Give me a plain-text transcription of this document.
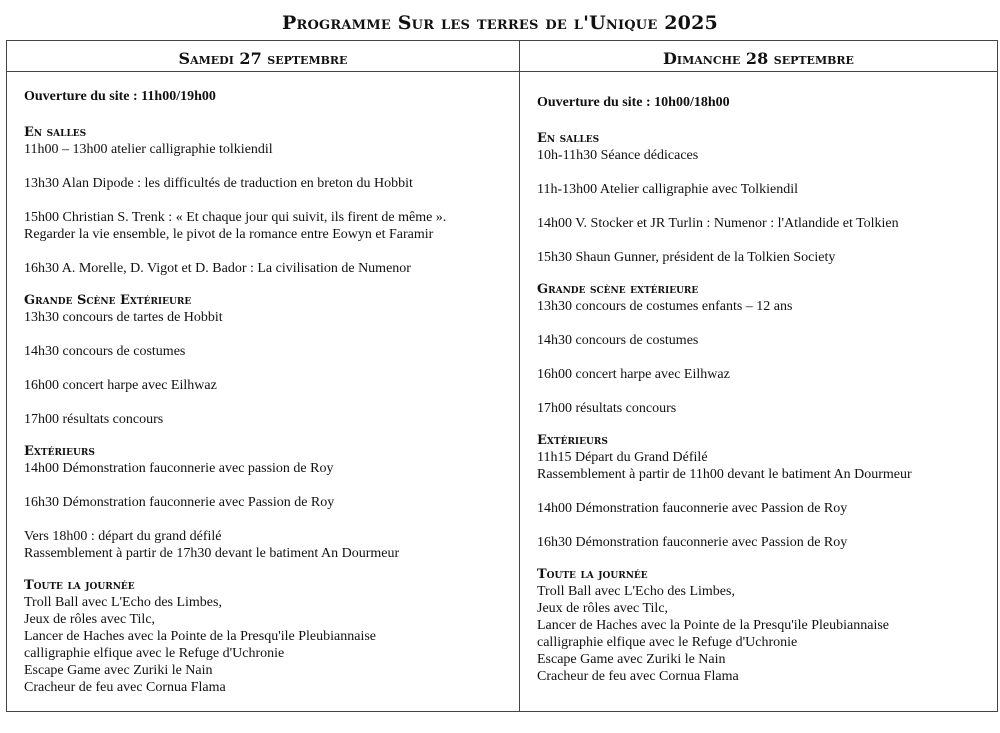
Programme Sur les terres de l'Unique 2025
Samedi 27 septembre

Ouverture du site : 11h00/19h00

En salles

11h00 – 13h00 atelier calligraphie tolkiendil

13h30 Alan Dipode : les difficultés de traduction en breton du Hobbit

15h00 Christian S. Trenk : « Et chaque jour qui suivit, ils firent de même ».
Regarder la vie ensemble, le pivot de la romance entre Eowyn et Faramir

16h30 A. Morelle, D. Vigot et D. Bador : La civilisation de Numenor

Grande Scène Extérieure

13h30 concours de tartes de Hobbit

14h30 concours de costumes

16h00 concert harpe avec Eilhwaz

17h00 résultats concours

Extérieurs

14h00 Démonstration fauconnerie avec passion de Roy

16h30 Démonstration fauconnerie avec Passion de Roy

Vers 18h00 : départ du grand défilé
Rassemblement à partir de 17h30 devant le batiment An Dourmeur

Toute la journée

Troll Ball avec L'Echo des Limbes,
Jeux de rôles avec Tilc,
Lancer de Haches avec la Pointe de la Presqu'ile Pleubiannaise
calligraphie elfique avec le Refuge d'Uchronie
Escape Game avec Zuriki le Nain
Cracheur de feu avec Cornua Flama

Dimanche 28 septembre

Ouverture du site : 10h00/18h00

En salles

10h-11h30 Séance dédicaces

11h-13h00 Atelier calligraphie avec Tolkiendil

14h00 V. Stocker et JR Turlin : Numenor : l'Atlandide et Tolkien

15h30 Shaun Gunner, président de la Tolkien Society

Grande scène extérieure

13h30 concours de costumes enfants – 12 ans

14h30 concours de costumes

16h00 concert harpe avec Eilhwaz

17h00 résultats concours

Extérieurs

11h15 Départ du Grand Défilé
Rassemblement à partir de 11h00 devant le batiment An Dourmeur

14h00 Démonstration fauconnerie avec Passion de Roy

16h30 Démonstration fauconnerie avec Passion de Roy

Toute la journée

Troll Ball avec L'Echo des Limbes,
Jeux de rôles avec Tilc,
Lancer de Haches avec la Pointe de la Presqu'ile Pleubiannaise
calligraphie elfique avec le Refuge d'Uchronie
Escape Game avec Zuriki le Nain
Cracheur de feu avec Cornua Flama
